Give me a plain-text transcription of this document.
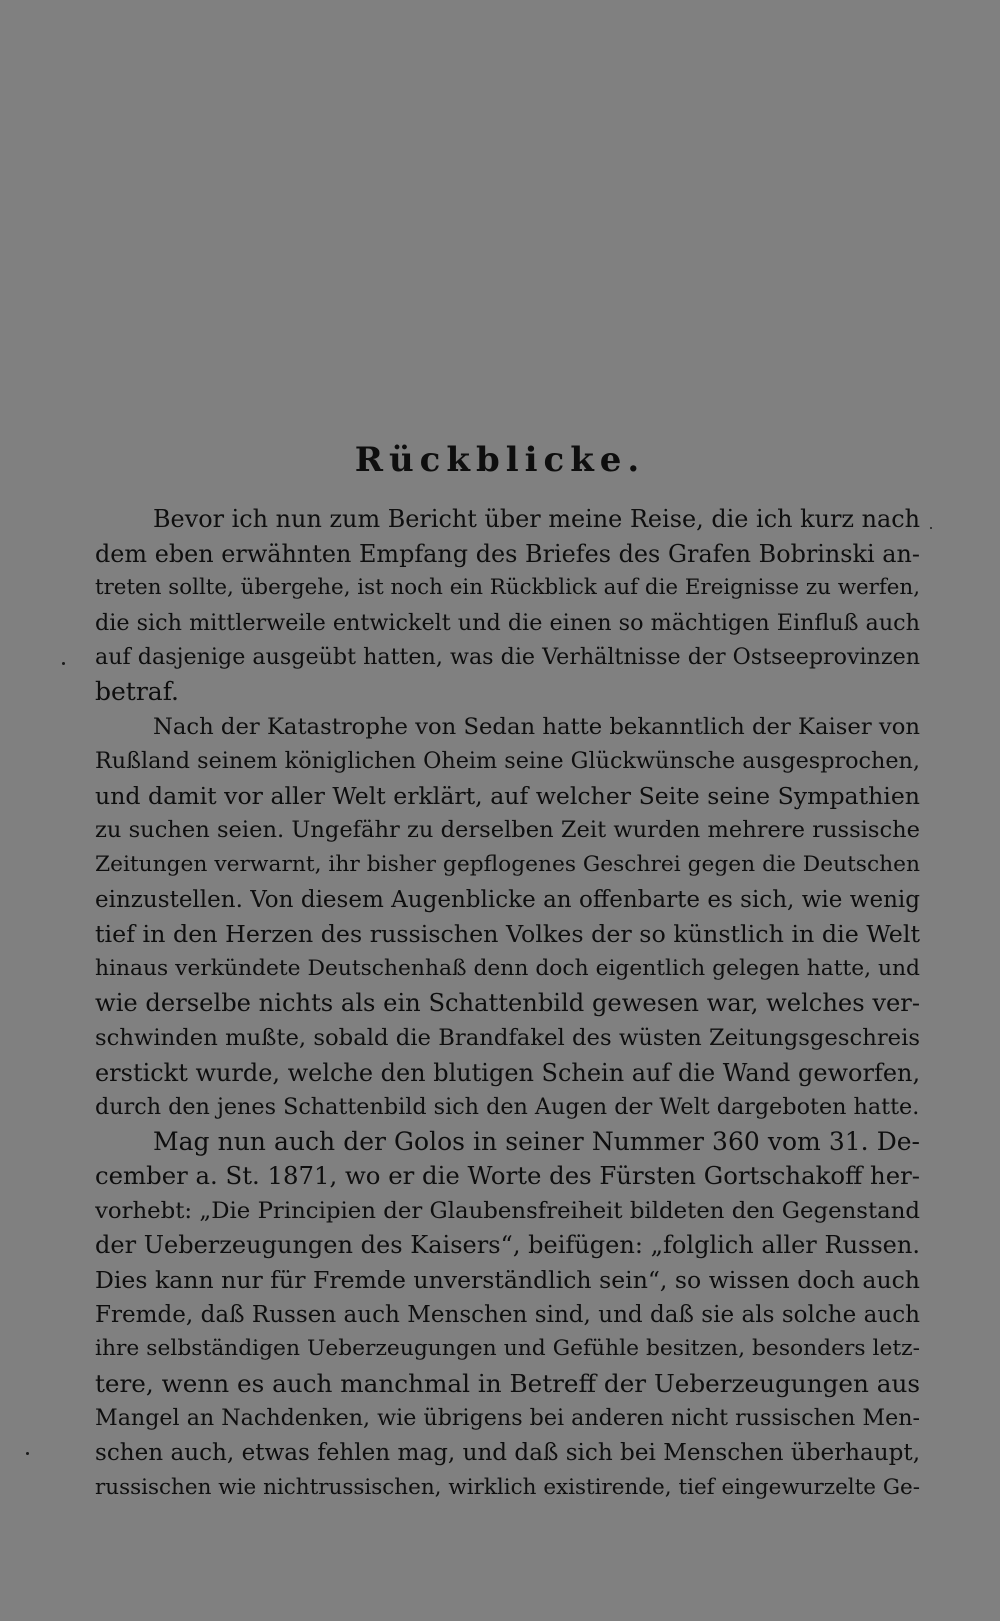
Rückblicke.
Bevor ich nun zum Bericht über meine Reise, die ich kurz nach
dem eben erwähnten Empfang des Briefes des Grafen Bobrinski an-
treten sollte, übergehe, ist noch ein Rückblick auf die Ereignisse zu werfen,
die sich mittlerweile entwickelt und die einen so mächtigen Einfluß auch
auf dasjenige ausgeübt hatten, was die Verhältnisse der Ostseeprovinzen
betraf.
Nach der Katastrophe von Sedan hatte bekanntlich der Kaiser von
Rußland seinem königlichen Oheim seine Glückwünsche ausgesprochen,
und damit vor aller Welt erklärt, auf welcher Seite seine Sympathien
zu suchen seien. Ungefähr zu derselben Zeit wurden mehrere russische
Zeitungen verwarnt, ihr bisher gepflogenes Geschrei gegen die Deutschen
einzustellen. Von diesem Augenblicke an offenbarte es sich, wie wenig
tief in den Herzen des russischen Volkes der so künstlich in die Welt
hinaus verkündete Deutschenhaß denn doch eigentlich gelegen hatte, und
wie derselbe nichts als ein Schattenbild gewesen war, welches ver-
schwinden mußte, sobald die Brandfakel des wüsten Zeitungsgeschreis
erstickt wurde, welche den blutigen Schein auf die Wand geworfen,
durch den jenes Schattenbild sich den Augen der Welt dargeboten hatte.
Mag nun auch der Golos in seiner Nummer 360 vom 31. De-
cember a. St. 1871, wo er die Worte des Fürsten Gortschakoff her-
vorhebt: „Die Principien der Glaubensfreiheit bildeten den Gegenstand
der Ueberzeugungen des Kaisers“, beifügen: „folglich aller Russen.
Dies kann nur für Fremde unverständlich sein“, so wissen doch auch
Fremde, daß Russen auch Menschen sind, und daß sie als solche auch
ihre selbständigen Ueberzeugungen und Gefühle besitzen, besonders letz-
tere, wenn es auch manchmal in Betreff der Ueberzeugungen aus
Mangel an Nachdenken, wie übrigens bei anderen nicht russischen Men-
schen auch, etwas fehlen mag, und daß sich bei Menschen überhaupt,
russischen wie nichtrussischen, wirklich existirende, tief eingewurzelte Ge-
